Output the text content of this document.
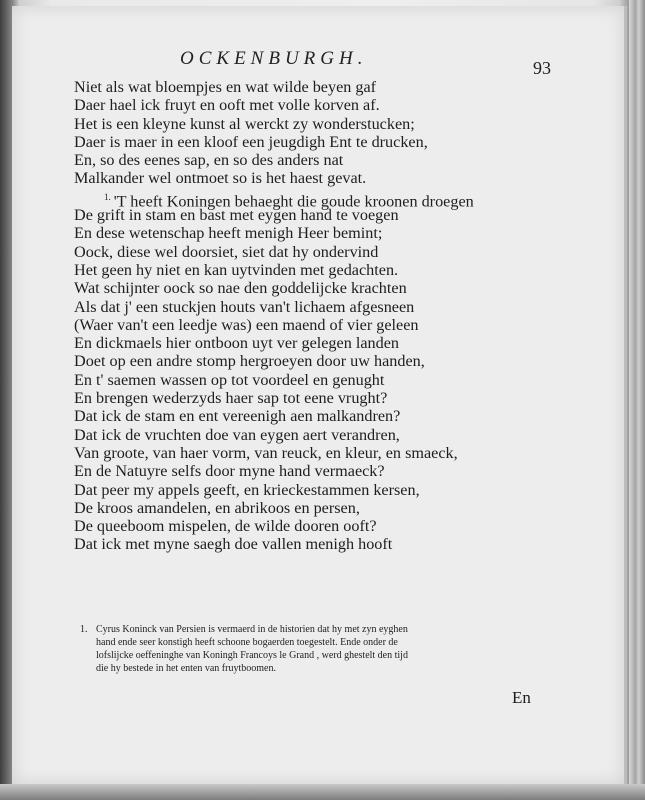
OCKENBURGH.	93
Niet als wat bloempjes en wat wilde beyen gaf
Daer hael ick fruyt en ooft met volle korven af.
Het is een kleyne kunst al werckt zy wonderstucken;
Daer is maer in een kloof een jeugdigh Ent te drucken,
En, so des eenes sap, en so des anders nat
Malkander wel ontmoet so is het haest gevat.
$^{1.}$ 'T heeft Koningen behaeght die goude kroonen droegen
De grift in stam en bast met eygen hand te voegen
En dese wetenschap heeft menigh Heer bemint;
Oock, diese wel doorsiet, siet dat hy ondervind
Het geen hy niet en kan uytvinden met gedachten.
Wat schijnter oock so nae den goddelijcke krachten
Als dat j' een stuckjen houts van't lichaem afgesneen
(Waer van't een leedje was) een maend of vier geleen
En dickmaels hier ontboon uyt ver gelegen landen
Doet op een andre stomp hergroeyen door uw handen,
En t' saemen wassen op tot voordeel en genught
En brengen wederzyds haer sap tot eene vrught?
Dat ick de stam en ent vereenigh aen malkandren?
Dat ick de vruchten doe van eygen aert verandren,
Van groote, van haer vorm, van reuck, en kleur, en smaeck,
En de Natuyre selfs door myne hand vermaeck?
Dat peer my appels geeft, en krieckestammen kersen,
De kroos amandelen, en abrikoos en persen,
De queeboom mispelen, de wilde dooren ooft?
Dat ick met myne saegh doe vallen menigh hooft
1. Cyrus Koninck van Persien is vermaerd in de historien dat hy met zyn eyghen
hand ende seer konstigh heeft schoone bogaerden toegestelt. Ende onder de
lofslijcke oeffeninghe van Koningh Francoys le Grand , werd ghestelt den tijd
die hy bestede in het enten van fruytboomen.
En
